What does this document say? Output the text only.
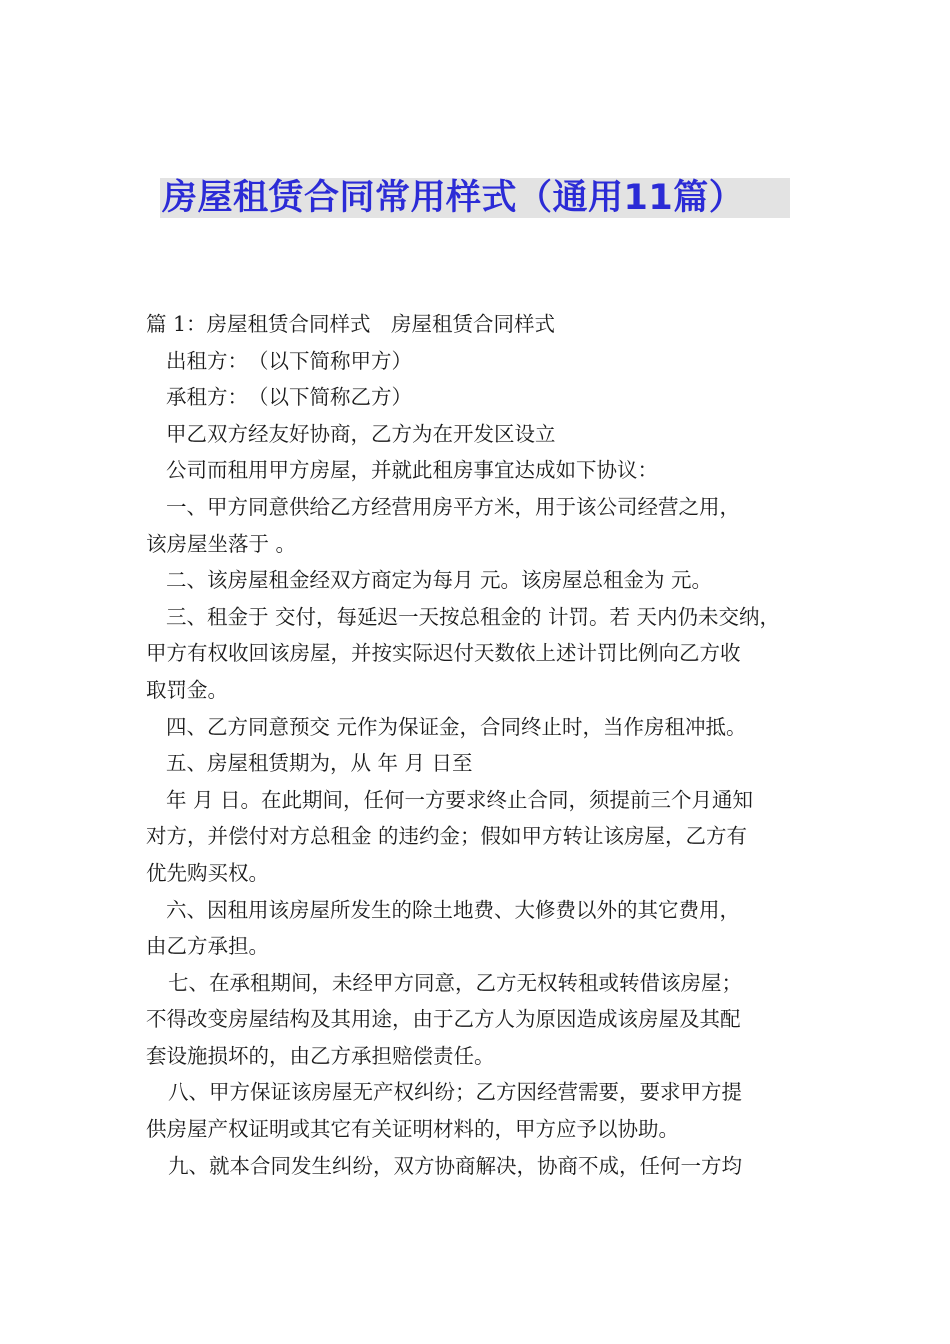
房屋租赁合同常用样式（通用11篇）
篇 1：房屋租赁合同样式　房屋租赁合同样式
出租方：　（以下简称甲方）
承租方：　（以下简称乙方）
甲乙双方经友好协商，乙方为在开发区设立
公司而租用甲方房屋，并就此租房事宜达成如下协议：
一、甲方同意供给乙方经营用房平方米，用于该公司经营之用，
该房屋坐落于 。
二、该房屋租金经双方商定为每月 元。该房屋总租金为 元。
三、租金于 交付，每延迟一天按总租金的 计罚。若 天内仍未交纳，
甲方有权收回该房屋，并按实际迟付天数依上述计罚比例向乙方收
取罚金。
四、乙方同意预交 元作为保证金，合同终止时，当作房租冲抵。
五、房屋租赁期为，从 年 月 日至
年 月 日。在此期间，任何一方要求终止合同，须提前三个月通知
对方，并偿付对方总租金 的违约金；假如甲方转让该房屋，乙方有
优先购买权。
六、因租用该房屋所发生的除土地费、大修费以外的其它费用，
由乙方承担。
七、在承租期间，未经甲方同意，乙方无权转租或转借该房屋；
不得改变房屋结构及其用途，由于乙方人为原因造成该房屋及其配
套设施损坏的，由乙方承担赔偿责任。
八、甲方保证该房屋无产权纠纷；乙方因经营需要，要求甲方提
供房屋产权证明或其它有关证明材料的，甲方应予以协助。
九、就本合同发生纠纷，双方协商解决，协商不成，任何一方均
